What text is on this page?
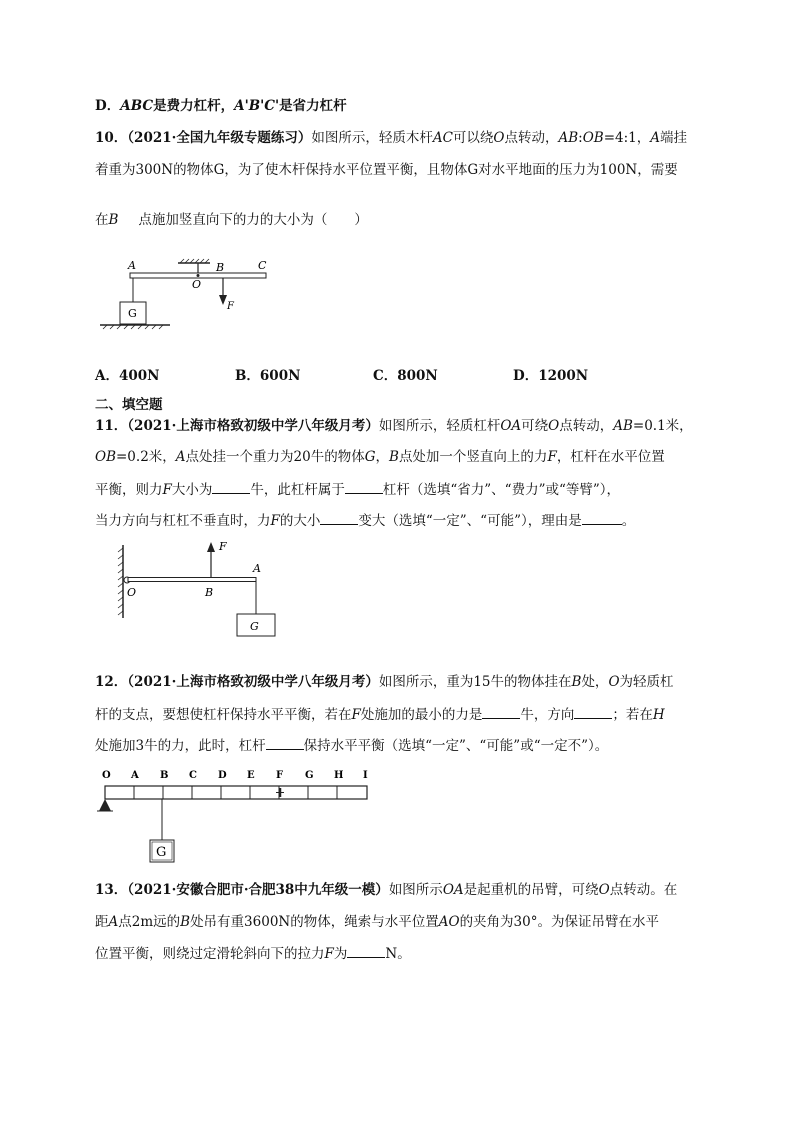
D．ABC是费力杠杆，A'B'C'是省力杠杆
10．（2021·全国九年级专题练习）如图所示，轻质木杆AC可以绕O点转动，AB:OB=4:1，A端挂
着重为300N的物体G，为了使木杆保持水平位置平衡，且物体G对水平地面的压力为100N，需要
在B 点施加竖直向下的力的大小为（　　）
A
O
B	C
F
G
A．400N	B．600N	C．800N	D．1200N
二、填空题
11．（2021·上海市格致初级中学八年级月考）如图所示，轻质杠杆OA可绕O点转动，AB=0.1米，
OB=0.2米，A点处挂一个重力为20牛的物体G，B点处加一个竖直向上的力F，杠杆在水平位置
平衡，则力F大小为	牛，此杠杆属于	杠杆（选填“省力”、“费力”或“等臂”），
当力方向与杠杠不垂直时，力F的大小	变大（选填“一定”、“可能”），理由是	。
F
A
O	B
G
12．（2021·上海市格致初级中学八年级月考）如图所示，重为15牛的物体挂在B处，O为轻质杠
杆的支点，要想使杠杆保持水平平衡，若在F处施加的最小的力是	牛，方向	；若在H
处施加3牛的力，此时，杠杆	保持水平平衡（选填“一定”、“可能”或“一定不”）。
O A B C D E F G H I
G
13．（2021·安徽合肥市·合肥38中九年级一模）如图所示OA是起重机的吊臂，可绕O点转动。在
距A点2m远的B处吊有重3600N的物体，绳索与水平位置AO的夹角为30°。为保证吊臂在水平
位置平衡，则绕过定滑轮斜向下的拉力F为	N。
